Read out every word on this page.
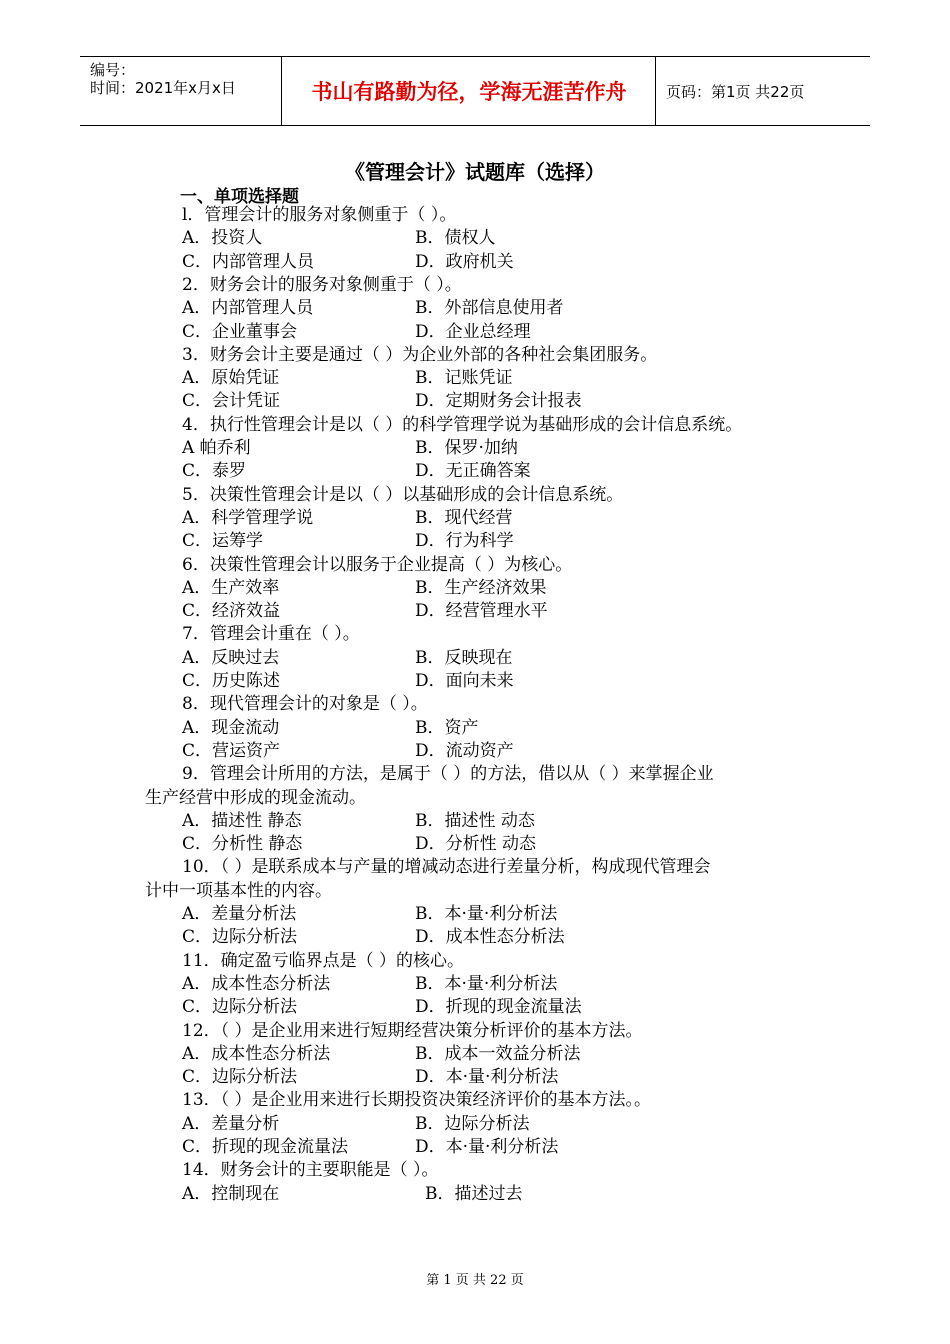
编号：
时间：2021年x月x日	书山有路勤为径，学海无涯苦作舟	页码：第1页 共22页
《管理会计》试题库（选择）
一、单项选择题
l．管理会计的服务对象侧重于（ ）。
A．投资人	B．债权人
C．内部管理人员	D．政府机关
2．财务会计的服务对象侧重于（ ）。
A．内部管理人员	B．外部信息使用者
C．企业董事会	D．企业总经理
3．财务会计主要是通过（ ）为企业外部的各种社会集团服务。
A．原始凭证	B．记账凭证
C．会计凭证	D．定期财务会计报表
4．执行性管理会计是以（ ）的科学管理学说为基础形成的会计信息系统。
A 帕乔利	B．保罗·加纳
C．泰罗	D．无正确答案
5．决策性管理会计是以（ ）以基础形成的会计信息系统。
A．科学管理学说	B．现代经营
C．运筹学	D．行为科学
6．决策性管理会计以服务于企业提高（ ）为核心。
A．生产效率	B．生产经济效果
C．经济效益	D．经营管理水平
7．管理会计重在（ ）。
A．反映过去	B．反映现在
C．历史陈述	D．面向未来
8．现代管理会计的对象是（ ）。
A．现金流动	B．资产
C．营运资产	D．流动资产
9．管理会计所用的方法，是属于（ ）的方法，借以从（ ）来掌握企业
生产经营中形成的现金流动。
A．描述性 静态	B．描述性 动态
C．分析性 静态	D．分析性 动态
10．（ ）是联系成本与产量的增减动态进行差量分析，构成现代管理会
计中一项基本性的内容。
A．差量分析法	B．本·量·利分析法
C．边际分析法	D．成本性态分析法
11．确定盈亏临界点是（ ）的核心。
A．成本性态分析法	B．本·量·利分析法
C．边际分析法	D．折现的现金流量法
12．（ ）是企业用来进行短期经营决策分析评价的基本方法。
A．成本性态分析法	B．成本一效益分析法
C．边际分析法	D．本·量·利分析法
13．（ ）是企业用来进行长期投资决策经济评价的基本方法。。
A．差量分析	B．边际分析法
C．折现的现金流量法	D．本·量·利分析法
14．财务会计的主要职能是（ ）。
A．控制现在	B．描述过去
第 1 页 共 22 页
